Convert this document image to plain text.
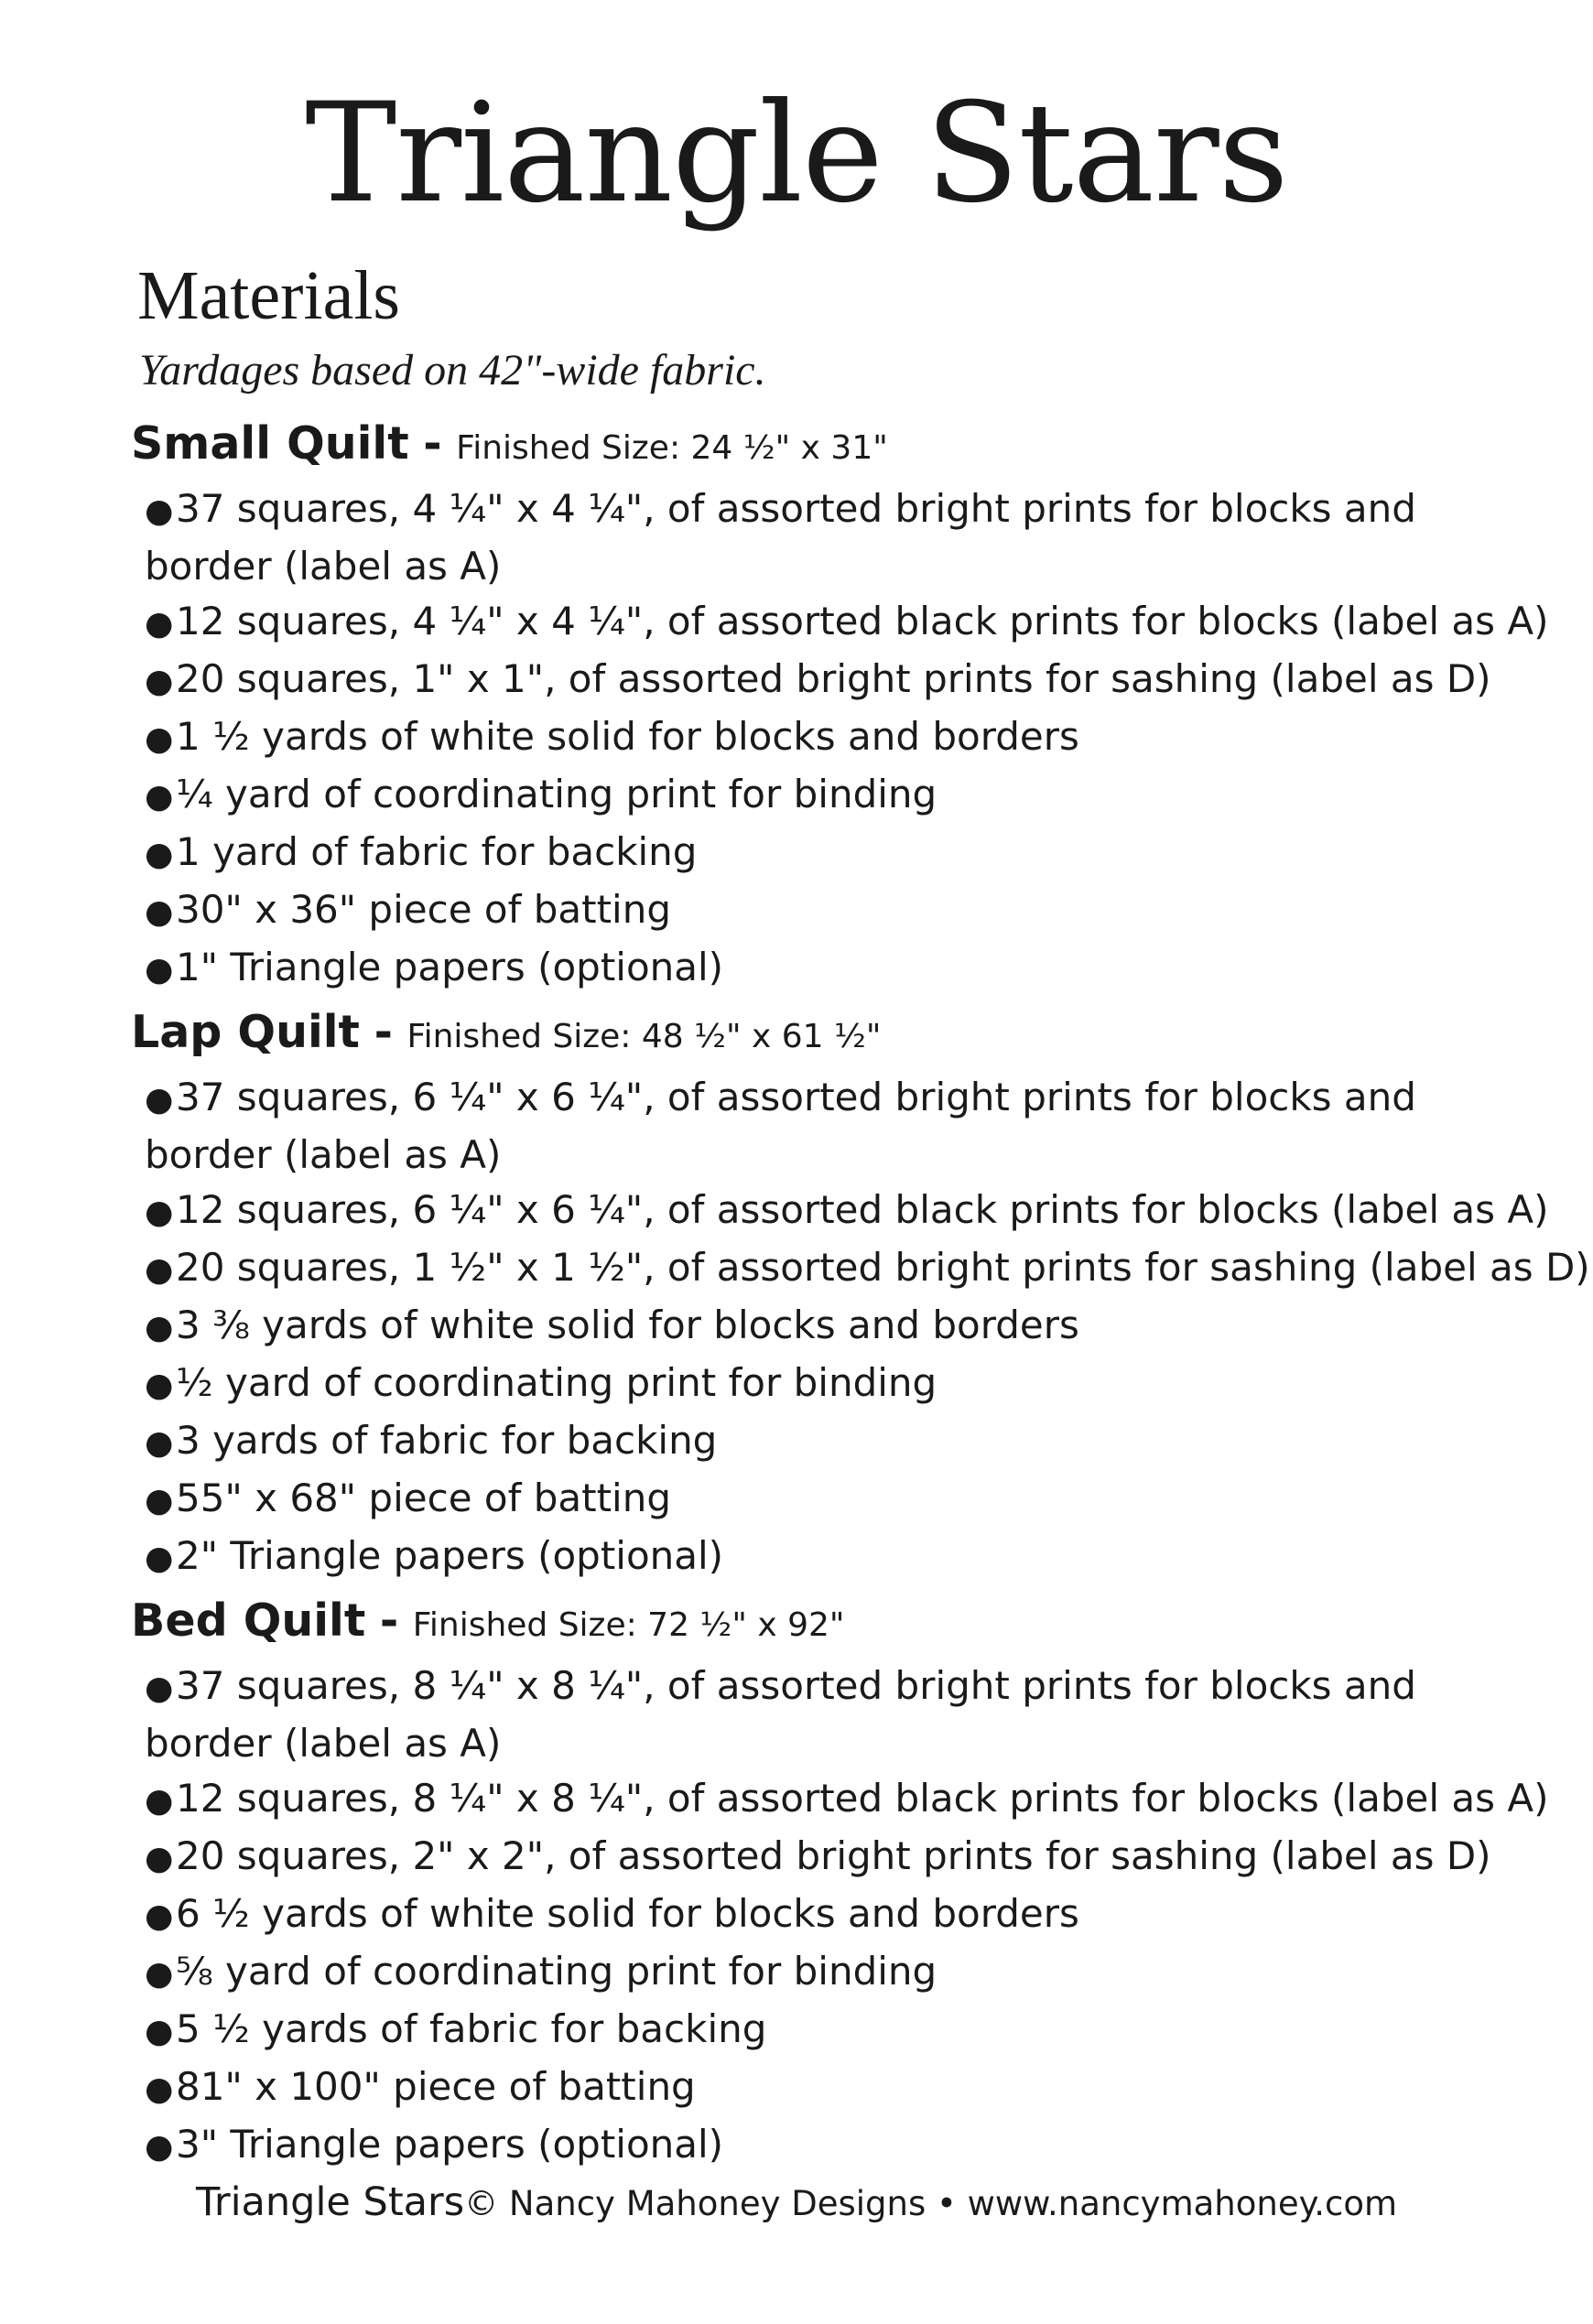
Triangle Stars
Materials

Yardages based on 42"-wide fabric.

Small Quilt - Finished Size: 24 ½" x 31"
●37 squares, 4 ¼" x 4 ¼", of assorted bright prints for blocks and border (label as A)
●12 squares, 4 ¼" x 4 ¼", of assorted black prints for blocks (label as A)
●20 squares, 1" x 1", of assorted bright prints for sashing (label as D)
●1 ½ yards of white solid for blocks and borders
●¼ yard of coordinating print for binding
●1 yard of fabric for backing
●30" x 36" piece of batting
●1" Triangle papers (optional)
Lap Quilt - Finished Size: 48 ½" x 61 ½"
●37 squares, 6 ¼" x 6 ¼", of assorted bright prints for blocks and border (label as A)
●12 squares, 6 ¼" x 6 ¼", of assorted black prints for blocks (label as A)
●20 squares, 1 ½" x 1 ½", of assorted bright prints for sashing (label as D)
●3 ⅜ yards of white solid for blocks and borders
●½ yard of coordinating print for binding
●3 yards of fabric for backing
●55" x 68" piece of batting
●2" Triangle papers (optional)
Bed Quilt - Finished Size: 72 ½" x 92"
●37 squares, 8 ¼" x 8 ¼", of assorted bright prints for blocks and border (label as A)
●12 squares, 8 ¼" x 8 ¼", of assorted black prints for blocks (label as A)
●20 squares, 2" x 2", of assorted bright prints for sashing (label as D)
●6 ½ yards of white solid for blocks and borders
●⅝ yard of coordinating print for binding
●5 ½ yards of fabric for backing
●81" x 100" piece of batting
●3" Triangle papers (optional)
Triangle Stars© Nancy Mahoney Designs • www.nancymahoney.com
